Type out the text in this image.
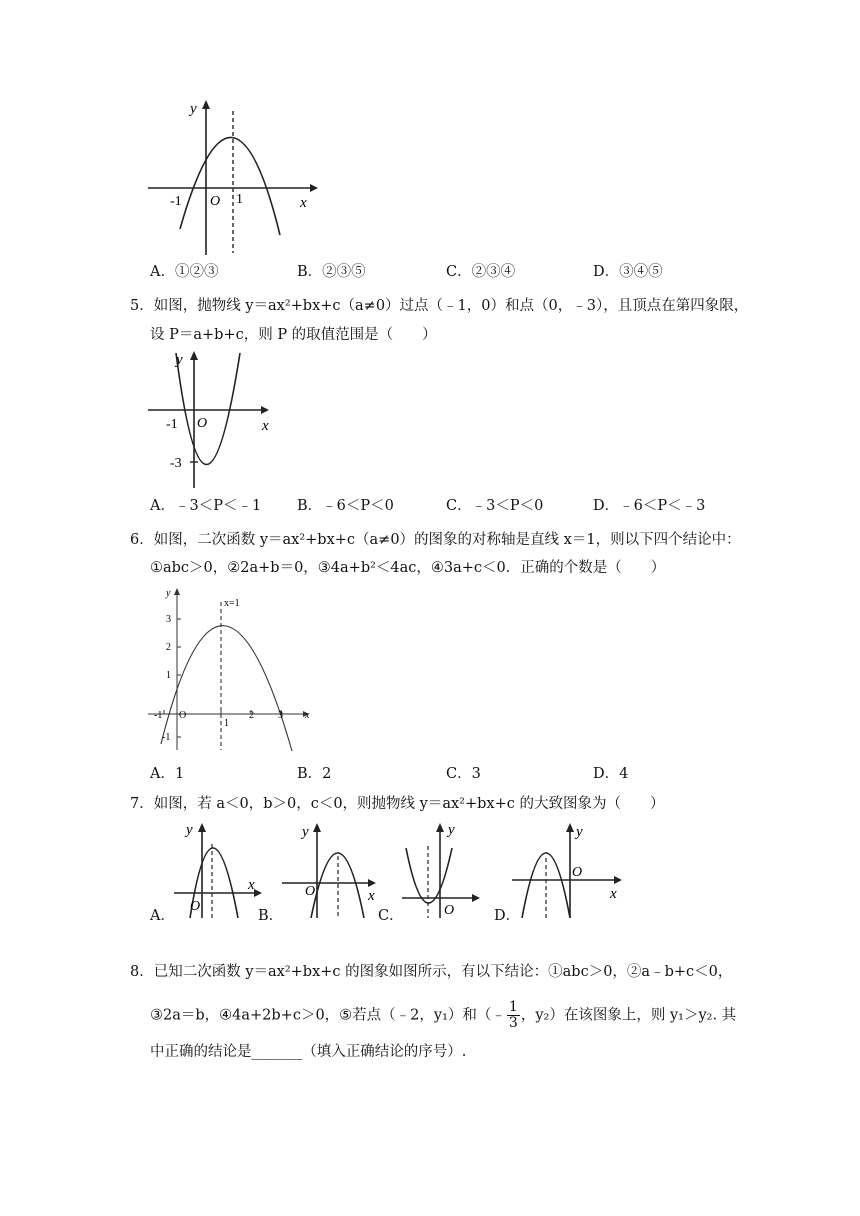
y
x
O
-1	1
A．①②③	B．②③⑤	C．②③④	D．③④⑤
5．如图，抛物线 y＝ax²+bx+c（a≠0）过点（﹣1，0）和点（0，﹣3），且顶点在第四象限，
设 P＝a+b+c，则 P 的取值范围是（　　）
y
x
O
-1
-3
A．﹣3＜P＜﹣1 B．﹣6＜P＜0	C．﹣3＜P＜0	D．﹣6＜P＜﹣3
6．如图，二次函数 y＝ax²+bx+c（a≠0）的图象的对称轴是直线 x＝1，则以下四个结论中：
①abc＞0，②2a+b＝0，③4a+b²＜4ac，④3a+c＜0．正确的个数是（　　）
y
x
x=1
3
2
1
-1
-1 O
1
2 3
A．1	B．2	C．3	D．4
7．如图，若 a＜0，b＞0，c＜0，则抛物线 y＝ax²+bx+c 的大致图象为（　　）
y
x
O
A．
y
x
O
B．
y
O
C．
y
x
O
D．
8．已知二次函数 y＝ax²+bx+c 的图象如图所示，有以下结论：①abc＞0，②a﹣b+c＜0，
③2a＝b，④4a+2b+c＞0，⑤若点（﹣2，y₁）和（﹣ $\frac{1}{3}$ ，y₂）在该图象上，则 y₁＞y₂. 其
中正确的结论是_______（填入正确结论的序号）.
